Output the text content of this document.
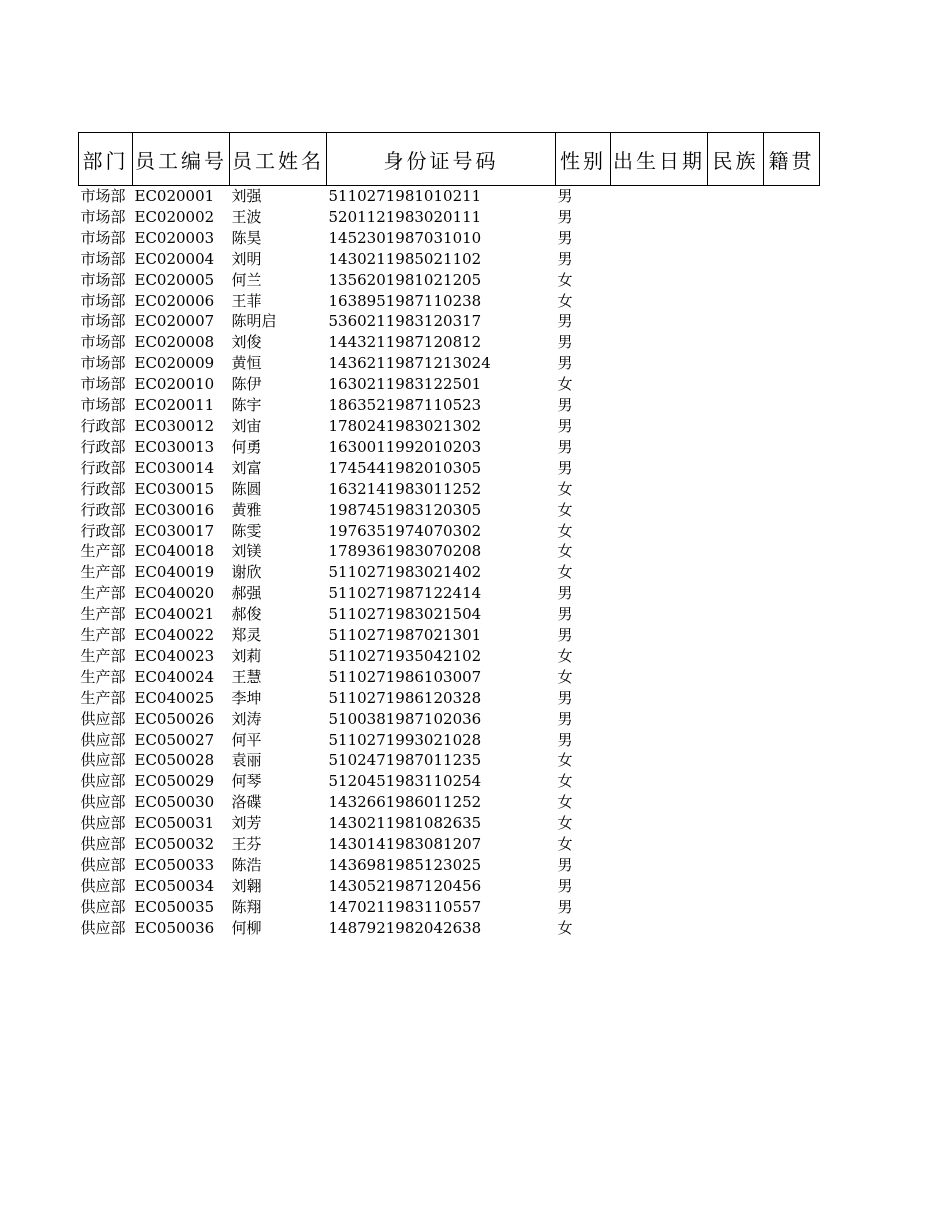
部门	员工编号	员工姓名	身份证号码	性别	出生日期	民族	籍贯
市场部	EC020001	刘强	5110271981010211	男			
市场部	EC020002	王波	5201121983020111	男			
市场部	EC020003	陈昊	1452301987031010	男			
市场部	EC020004	刘明	1430211985021102	男			
市场部	EC020005	何兰	1356201981021205	女			
市场部	EC020006	王菲	1638951987110238	女			
市场部	EC020007	陈明启	5360211983120317	男			
市场部	EC020008	刘俊	1443211987120812	男			
市场部	EC020009	黄恒	14362119871213024	男			
市场部	EC020010	陈伊	1630211983122501	女			
市场部	EC020011	陈宇	1863521987110523	男			
行政部	EC030012	刘宙	1780241983021302	男			
行政部	EC030013	何勇	1630011992010203	男			
行政部	EC030014	刘富	1745441982010305	男			
行政部	EC030015	陈圆	1632141983011252	女			
行政部	EC030016	黄雅	1987451983120305	女			
行政部	EC030017	陈雯	1976351974070302	女			
生产部	EC040018	刘镁	1789361983070208	女			
生产部	EC040019	谢欣	5110271983021402	女			
生产部	EC040020	郝强	5110271987122414	男			
生产部	EC040021	郝俊	5110271983021504	男			
生产部	EC040022	郑灵	5110271987021301	男			
生产部	EC040023	刘莉	5110271935042102	女			
生产部	EC040024	王慧	5110271986103007	女			
生产部	EC040025	李坤	5110271986120328	男			
供应部	EC050026	刘涛	5100381987102036	男			
供应部	EC050027	何平	5110271993021028	男			
供应部	EC050028	袁丽	5102471987011235	女			
供应部	EC050029	何琴	5120451983110254	女			
供应部	EC050030	洛碟	1432661986011252	女			
供应部	EC050031	刘芳	1430211981082635	女			
供应部	EC050032	王芬	1430141983081207	女			
供应部	EC050033	陈浩	1436981985123025	男			
供应部	EC050034	刘翱	1430521987120456	男			
供应部	EC050035	陈翔	1470211983110557	男			
供应部	EC050036	何柳	1487921982042638	女			
